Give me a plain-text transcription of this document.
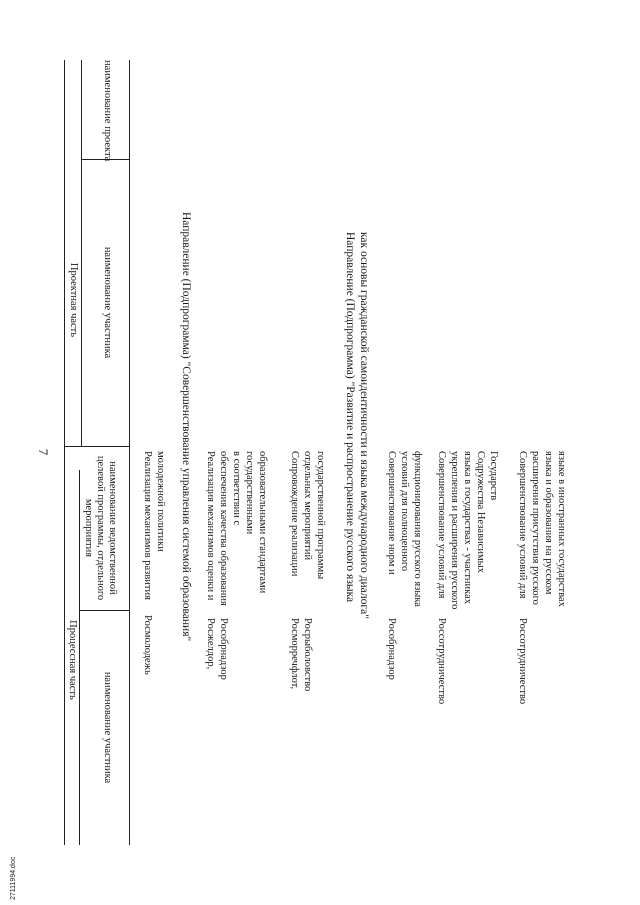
7
Проектная часть
Процессная часть
наименование проекта
наименование участника
наименование ведомственной
целевой программы, отдельного
мероприятия
наименование участника
Реализация механизмов развития молодежной политики
Росмолодежь
Направление (Подпрограмма) "Совершенствование управления системой образования" Реализация механизмов оценки и обеспечения качества образования в соответствии с государственными образовательными стандартами
Росжелдор, Рособрнадзор
Сопровождение реализации отдельных мероприятий государственной программы
Росморречфлот, Росрыболовство
Направление (Подпрограмма) "Развитие и распространение русского языка как основы гражданской самоидентичности и языка международного диалога" Совершенствование норм и условий для полноценного функционирования русского языка
Рособрнадзор
Совершенствование условий для укрепления и расширения русского языка в государствах - участниках Содружества Независимых Государств
Россотрудничество
Совершенствование условий для расширения присутствия русского языка и образования на русском языке в иностранных государствах
Россотрудничество
27111994.doc
